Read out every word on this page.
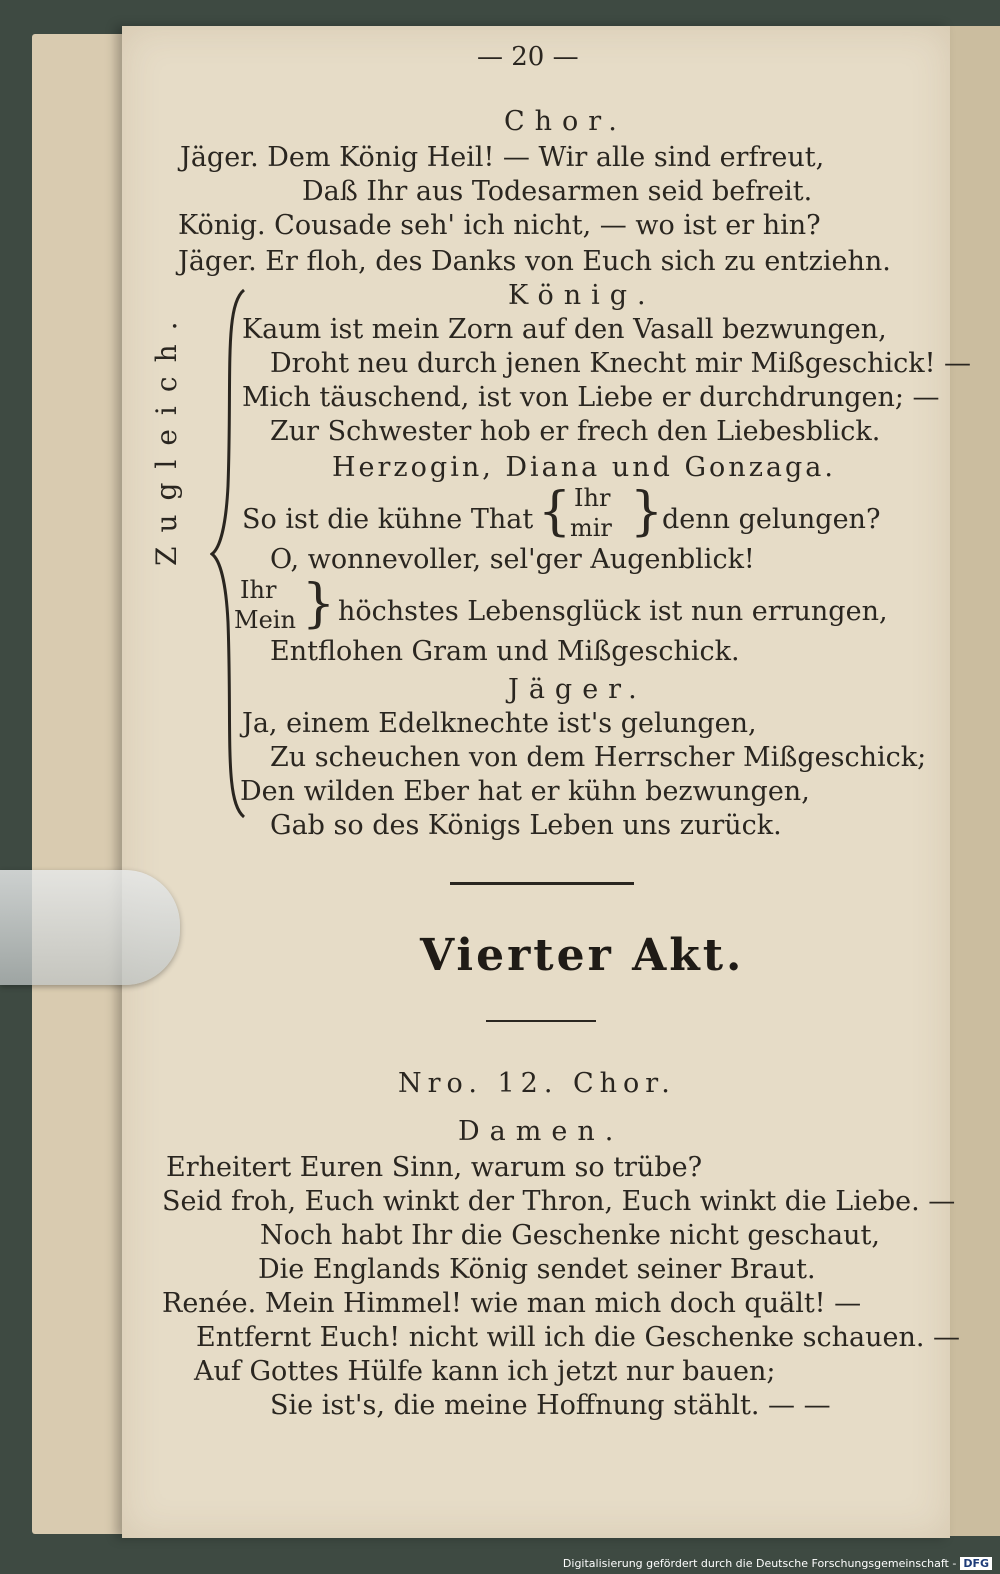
— 20 —
Chor.
Jäger. Dem König Heil! — Wir alle sind erfreut,
Daß Ihr aus Todesarmen seid befreit.
König. Cousade seh' ich nicht, — wo ist er hin?
Jäger. Er floh, des Danks von Euch sich zu entziehn.
König.
Zugleich. Kaum ist mein Zorn auf den Vasall bezwungen,
Droht neu durch jenen Knecht mir Mißgeschick! —
Mich täuschend, ist von Liebe er durchdrungen; —
Zur Schwester hob er frech den Liebesblick.
Herzogin, Diana und Gonzaga.
So ist die kühne That { Ihr
mir }
denn gelungen?
O, wonnevoller, sel'ger Augenblick!
Ihr
Mein } höchstes Lebensglück ist nun errungen,
Entflohen Gram und Mißgeschick.
Jäger.
Ja, einem Edelknechte ist's gelungen,
Zu scheuchen von dem Herrscher Mißgeschick;
Den wilden Eber hat er kühn bezwungen,
Gab so des Königs Leben uns zurück.
Vierter Akt.
Nro. 12. Chor.
Damen.
Erheitert Euren Sinn, warum so trübe?
Seid froh, Euch winkt der Thron, Euch winkt die Liebe. —
Noch habt Ihr die Geschenke nicht geschaut,
Die Englands König sendet seiner Braut.
Renée. Mein Himmel! wie man mich doch quält! —
Entfernt Euch! nicht will ich die Geschenke schauen. —
Auf Gottes Hülfe kann ich jetzt nur bauen;
Sie ist's, die meine Hoffnung stählt. — —
Digitalisierung gefördert durch die Deutsche Forschungsgemeinschaft - DFG
